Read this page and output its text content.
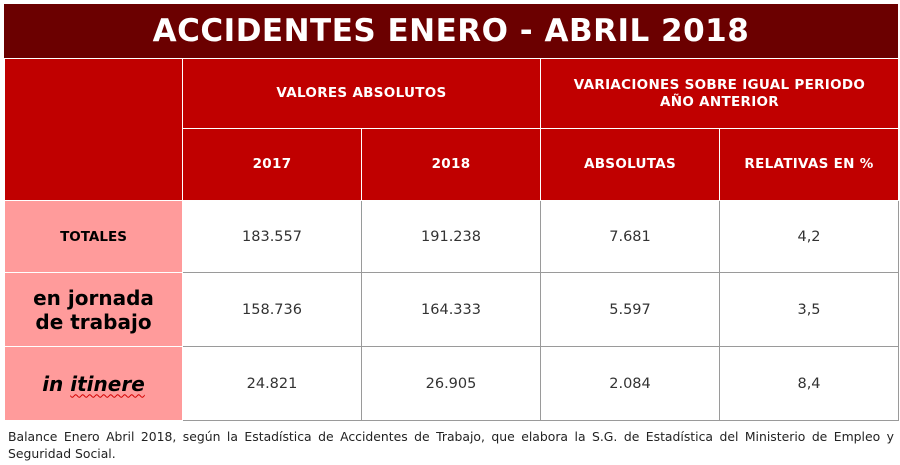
ACCIDENTES ENERO - ABRIL 2018
	VALORES ABSOLUTOS		VARIACIONES SOBRE IGUAL PERIODO
AÑO ANTERIOR	

	2017	2018	ABSOLUTAS	RELATIVAS EN %
TOTALES	183.557	191.238	7.681	4,2

en jornada
de trabajo	158.736	164.333	5.597	3,5
in itinere	24.821	26.905	2.084	8,4
Balance Enero Abril 2018, según la Estadística de Accidentes de Trabajo, que elabora la S.G. de Estadística del Ministerio de Empleo y Seguridad Social.
